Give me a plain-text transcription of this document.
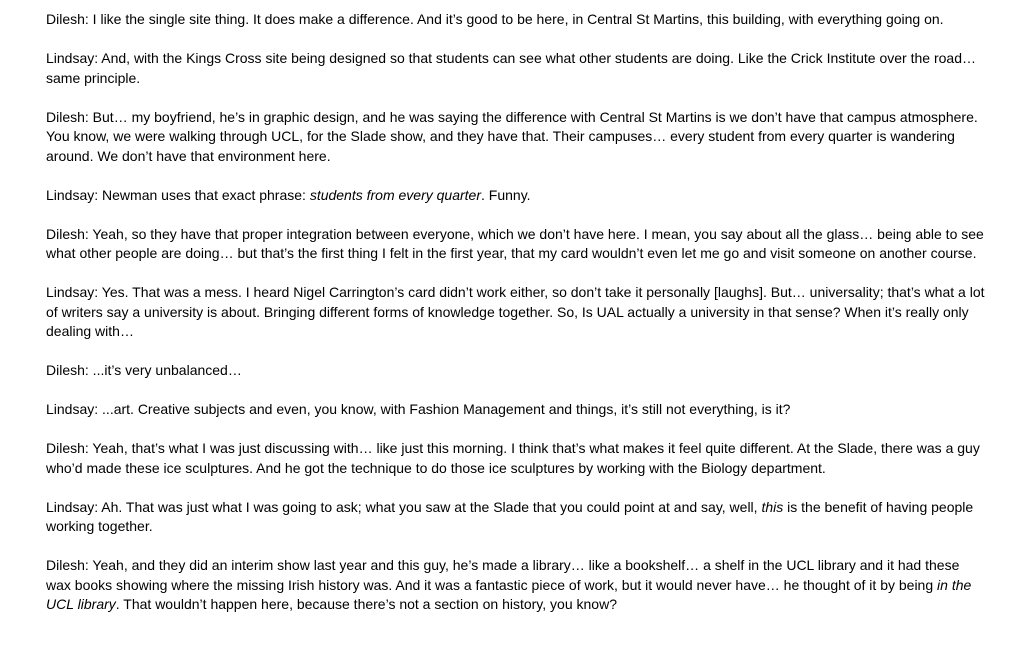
Dilesh: I like the single site thing. It does make a difference. And it’s good to be here, in Central St Martins, this building, with everything going on.

Lindsay: And, with the Kings Cross site being designed so that students can see what other students are doing. Like the Crick Institute over the road… same principle.

Dilesh: But… my boyfriend, he’s in graphic design, and he was saying the difference with Central St Martins is we don’t have that campus atmosphere. You know, we were walking through UCL, for the Slade show, and they have that. Their campuses… every student from every quarter is wandering around. We don’t have that environment here.

Lindsay: Newman uses that exact phrase: students from every quarter. Funny.

Dilesh: Yeah, so they have that proper integration between everyone, which we don’t have here. I mean, you say about all the glass… being able to see what other people are doing… but that’s the first thing I felt in the first year, that my card wouldn’t even let me go and visit someone on another course.

Lindsay: Yes. That was a mess. I heard Nigel Carrington’s card didn’t work either, so don’t take it personally [laughs]. But… universality; that’s what a lot of writers say a university is about. Bringing different forms of knowledge together. So, Is UAL actually a university in that sense? When it’s really only dealing with…

Dilesh: ...it’s very unbalanced…

Lindsay: ...art. Creative subjects and even, you know, with Fashion Management and things, it’s still not everything, is it?

Dilesh: Yeah, that’s what I was just discussing with… like just this morning. I think that’s what makes it feel quite different. At the Slade, there was a guy who’d made these ice sculptures. And he got the technique to do those ice sculptures by working with the Biology department.

Lindsay: Ah. That was just what I was going to ask; what you saw at the Slade that you could point at and say, well, this is the benefit of having people working together.

Dilesh: Yeah, and they did an interim show last year and this guy, he’s made a library… like a bookshelf… a shelf in the UCL library and it had these wax books showing where the missing Irish history was. And it was a fantastic piece of work, but it would never have… he thought of it by being in the UCL library. That wouldn’t happen here, because there’s not a section on history, you know?
